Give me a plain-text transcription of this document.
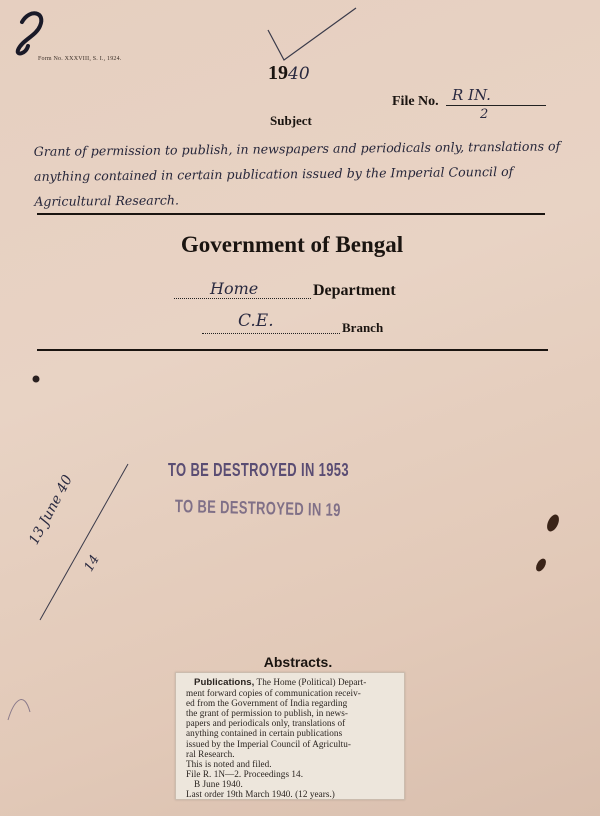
Form No. XXXVIII, S. I., 1924.
1940
File No. R IN.
2
Subject
Grant of permission to publish, in newspapers and periodicals only, translations of anything contained in certain publication issued by the Imperial Council of Agricultural Research.
Government of Bengal
Home	Department
C.E.	Branch
TO BE DESTROYED IN 1953
TO BE DESTROYED IN 19
13 June 40
14
Abstracts.
Publications, The Home (Political) Depart-
ment forward copies of communication receiv-
ed from the Government of India regarding
the grant of permission to publish, in news-
papers and periodicals only, translations of
anything contained in certain publications
issued by the Imperial Council of Agricultu-
ral Research.
This is noted and filed.
File R. 1N—2. Proceedings 14.
B June 1940.
Last order 19th March 1940. (12 years.)
